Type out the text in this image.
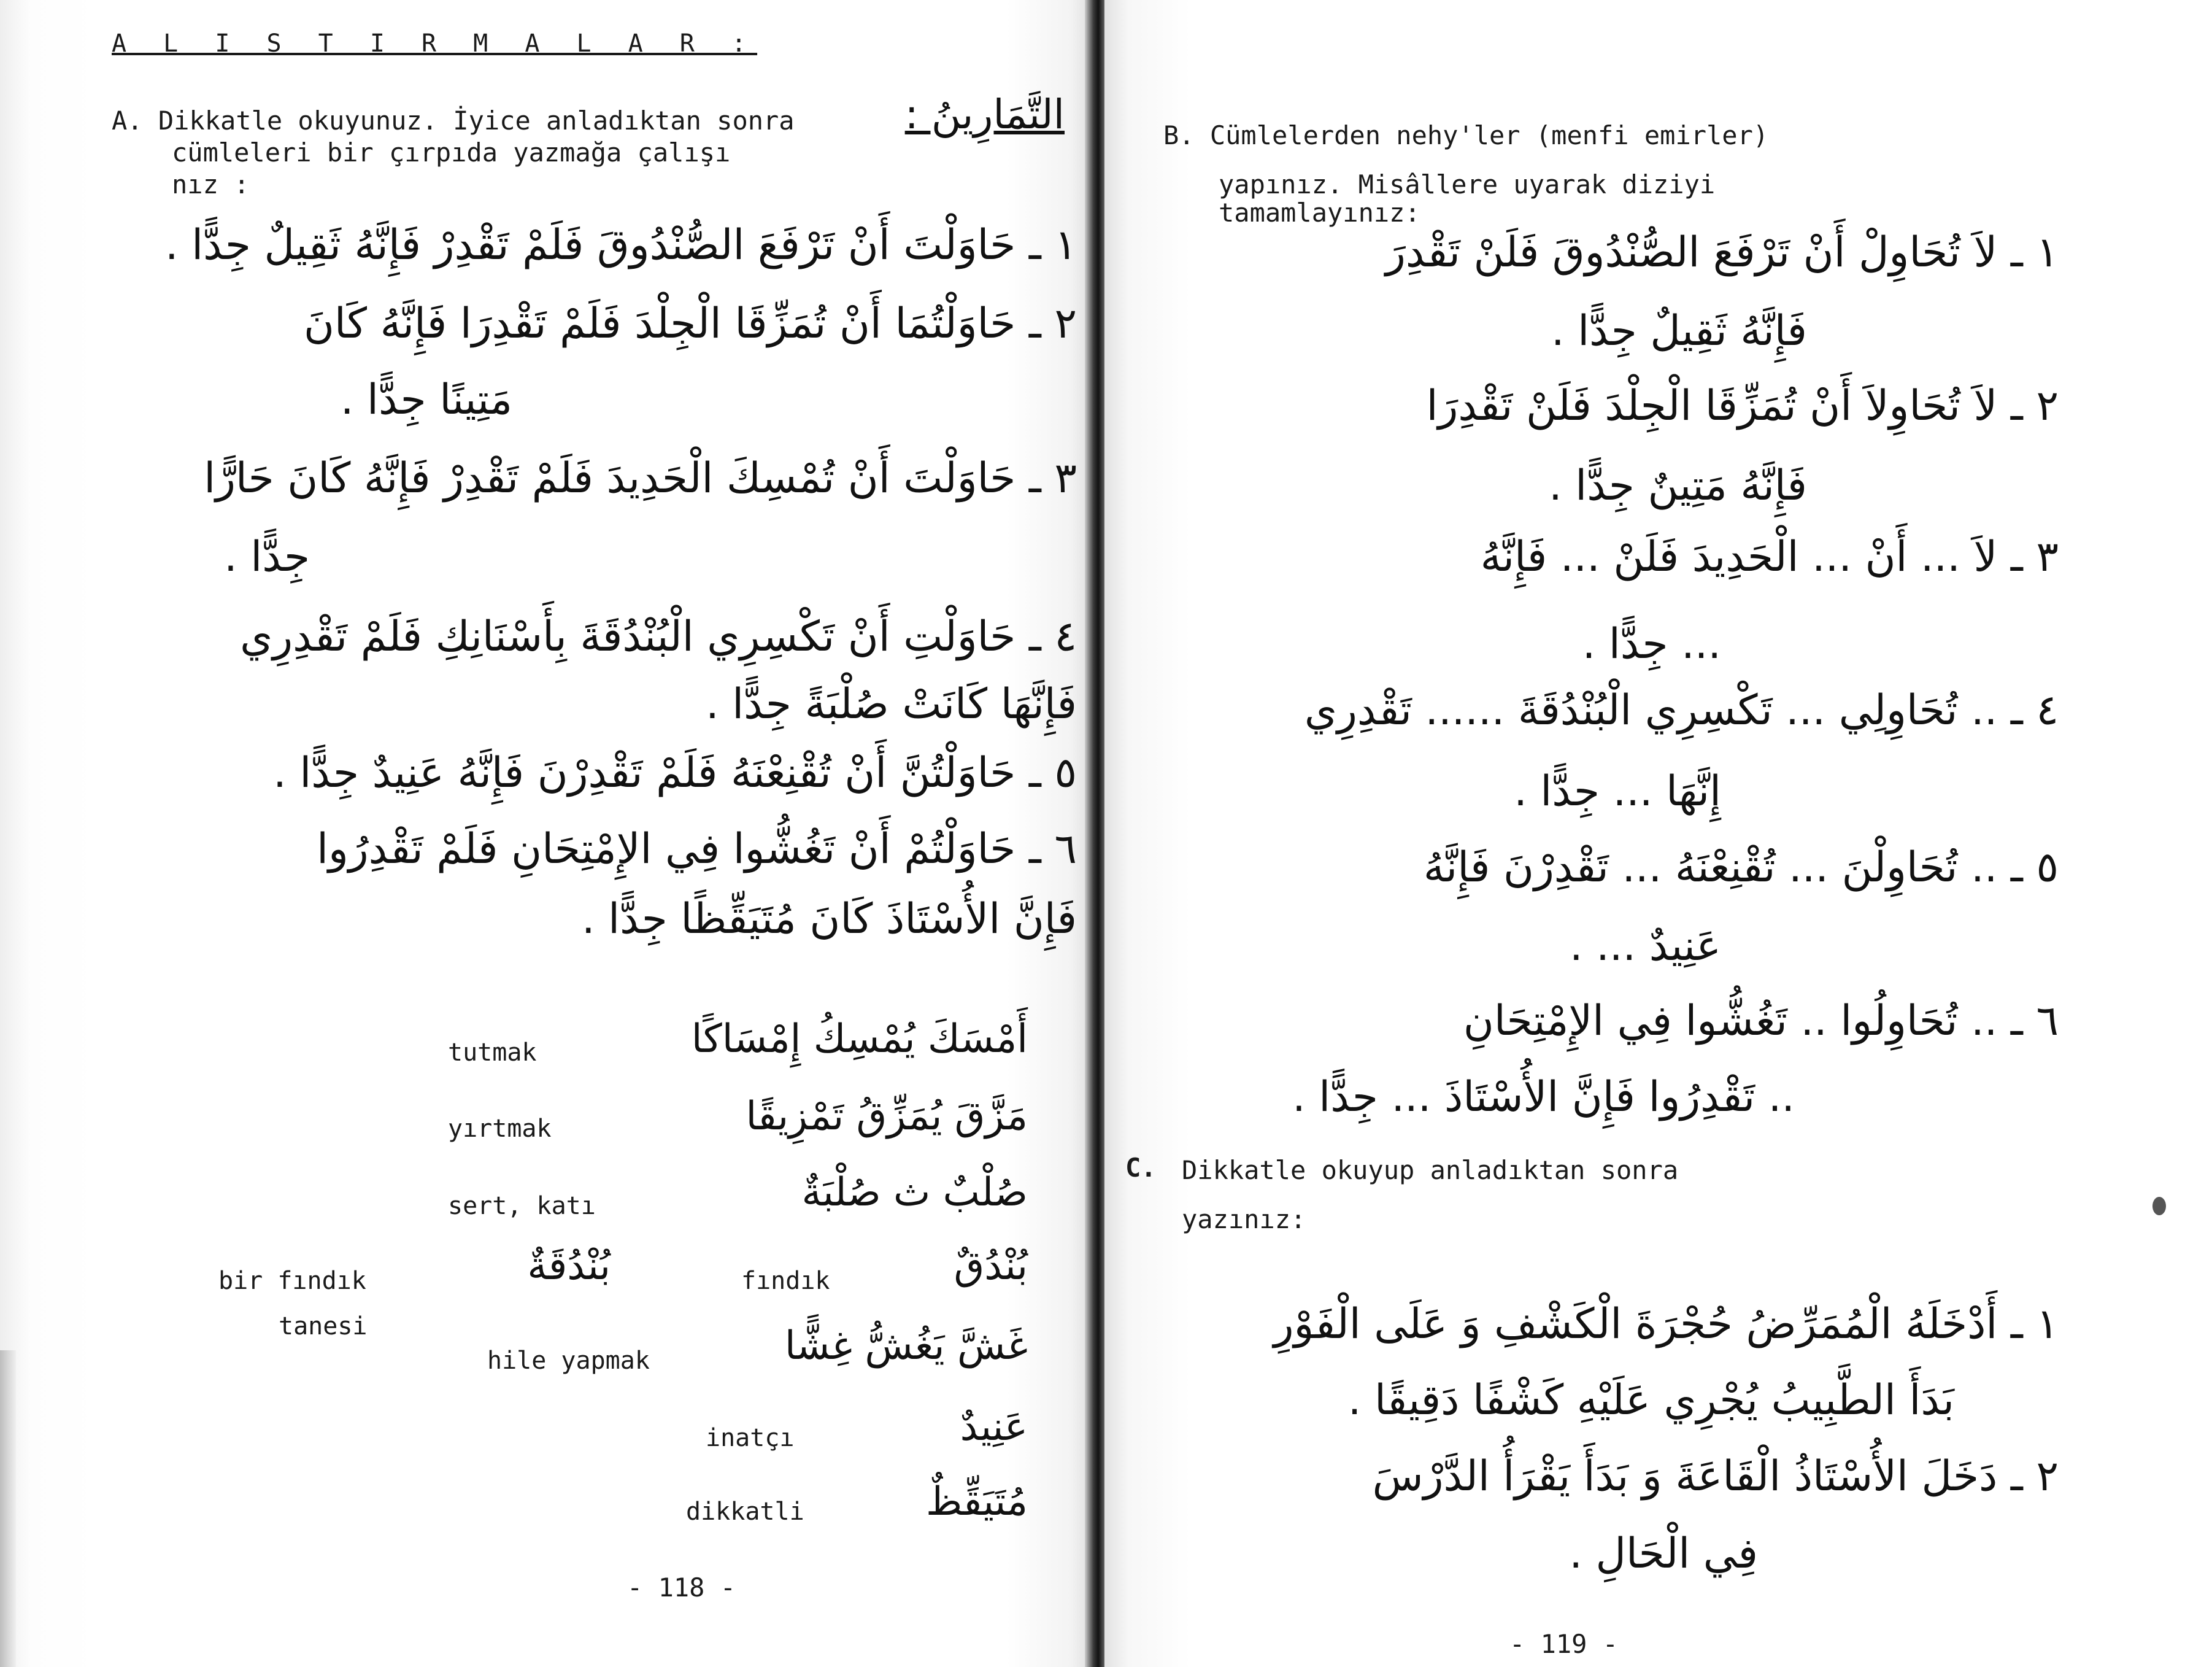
A L I S T I R M A L A R :
A. Dikkatle okuyunuz. İyice anladıktan sonra
cümleleri bir çırpıda yazmağa çalışı
nız :
التَّمَارِينُ :
١ ـ حَاوَلْتَ أَنْ تَرْفَعَ الصُّنْدُوقَ فَلَمْ تَقْدِرْ فَإِنَّهُ ثَقِيلٌ جِدًّا .
٢ ـ حَاوَلْتُمَا أَنْ تُمَزِّقَا الْجِلْدَ فَلَمْ تَقْدِرَا فَإِنَّهُ كَانَ
مَتِينًا جِدًّا .
٣ ـ حَاوَلْتَ أَنْ تُمْسِكَ الْحَدِيدَ فَلَمْ تَقْدِرْ فَإِنَّهُ كَانَ حَارًّا
جِدًّا .
٤ ـ حَاوَلْتِ أَنْ تَكْسِرِي الْبُنْدُقَةَ بِأَسْنَانِكِ فَلَمْ تَقْدِرِي
فَإِنَّهَا كَانَتْ صُلْبَةً جِدًّا .
٥ ـ حَاوَلْتُنَّ أَنْ تُقْنِعْنَهُ فَلَمْ تَقْدِرْنَ فَإِنَّهُ عَنِيدٌ جِدًّا .
٦ ـ حَاوَلْتُمْ أَنْ تَغُشُّوا فِي الإِمْتِحَانِ فَلَمْ تَقْدِرُوا
فَإِنَّ الأُسْتَاذَ كَانَ مُتَيَقِّظًا جِدًّا .
أَمْسَكَ يُمْسِكُ إِمْسَاكًا
tutmak
مَزَّقَ يُمَزِّقُ تَمْزِيقًا
yırtmak
صُلْبٌ ث صُلْبَةٌ
sert, katı
بُنْدُقٌ
fındık
بُنْدُقَةٌ
bir fındık
tanesi	غَشَّ يَغُشُّ غِشًّا
hile yapmak
عَنِيدٌ
inatçı
مُتَيَقِّظٌ
dikkatli
- 118 -
B. Cümlelerden nehy'ler (menfi emirler)
yapınız. Misâllere uyarak diziyi
tamamlayınız:
١ ـ لاَ تُحَاوِلْ أَنْ تَرْفَعَ الصُّنْدُوقَ فَلَنْ تَقْدِرَ
فَإِنَّهُ ثَقِيلٌ جِدًّا .
٢ ـ لاَ تُحَاوِلاَ أَنْ تُمَزِّقَا الْجِلْدَ فَلَنْ تَقْدِرَا
فَإِنَّهُ مَتِينٌ جِدًّا .
٣ ـ لاَ ... أَنْ ... الْحَدِيدَ فَلَنْ ... فَإِنَّهُ
... جِدًّا .
٤ ـ .. تُحَاوِلِي ... تَكْسِرِي الْبُنْدُقَةَ ...... تَقْدِرِي
إِنَّهَا ... جِدًّا .
٥ ـ .. تُحَاوِلْنَ ... تُقْنِعْنَهُ ... تَقْدِرْنَ فَإِنَّهُ
عَنِيدٌ ... .
٦ ـ .. تُحَاوِلُوا .. تَغُشُّوا فِي الإِمْتِحَانِ
.. تَقْدِرُوا فَإِنَّ الأُسْتَاذَ ... جِدًّا .
C. Dikkatle okuyup anladıktan sonra
yazınız:
١ ـ أَدْخَلَهُ الْمُمَرِّضُ حُجْرَةَ الْكَشْفِ وَ عَلَى الْفَوْرِ
بَدَأَ الطَّبِيبُ يُجْرِي عَلَيْهِ كَشْفًا دَقِيقًا .
٢ ـ دَخَلَ الأُسْتَاذُ الْقَاعَةَ وَ بَدَأَ يَقْرَأُ الدَّرْسَ
فِي الْحَالِ .
- 119 -
